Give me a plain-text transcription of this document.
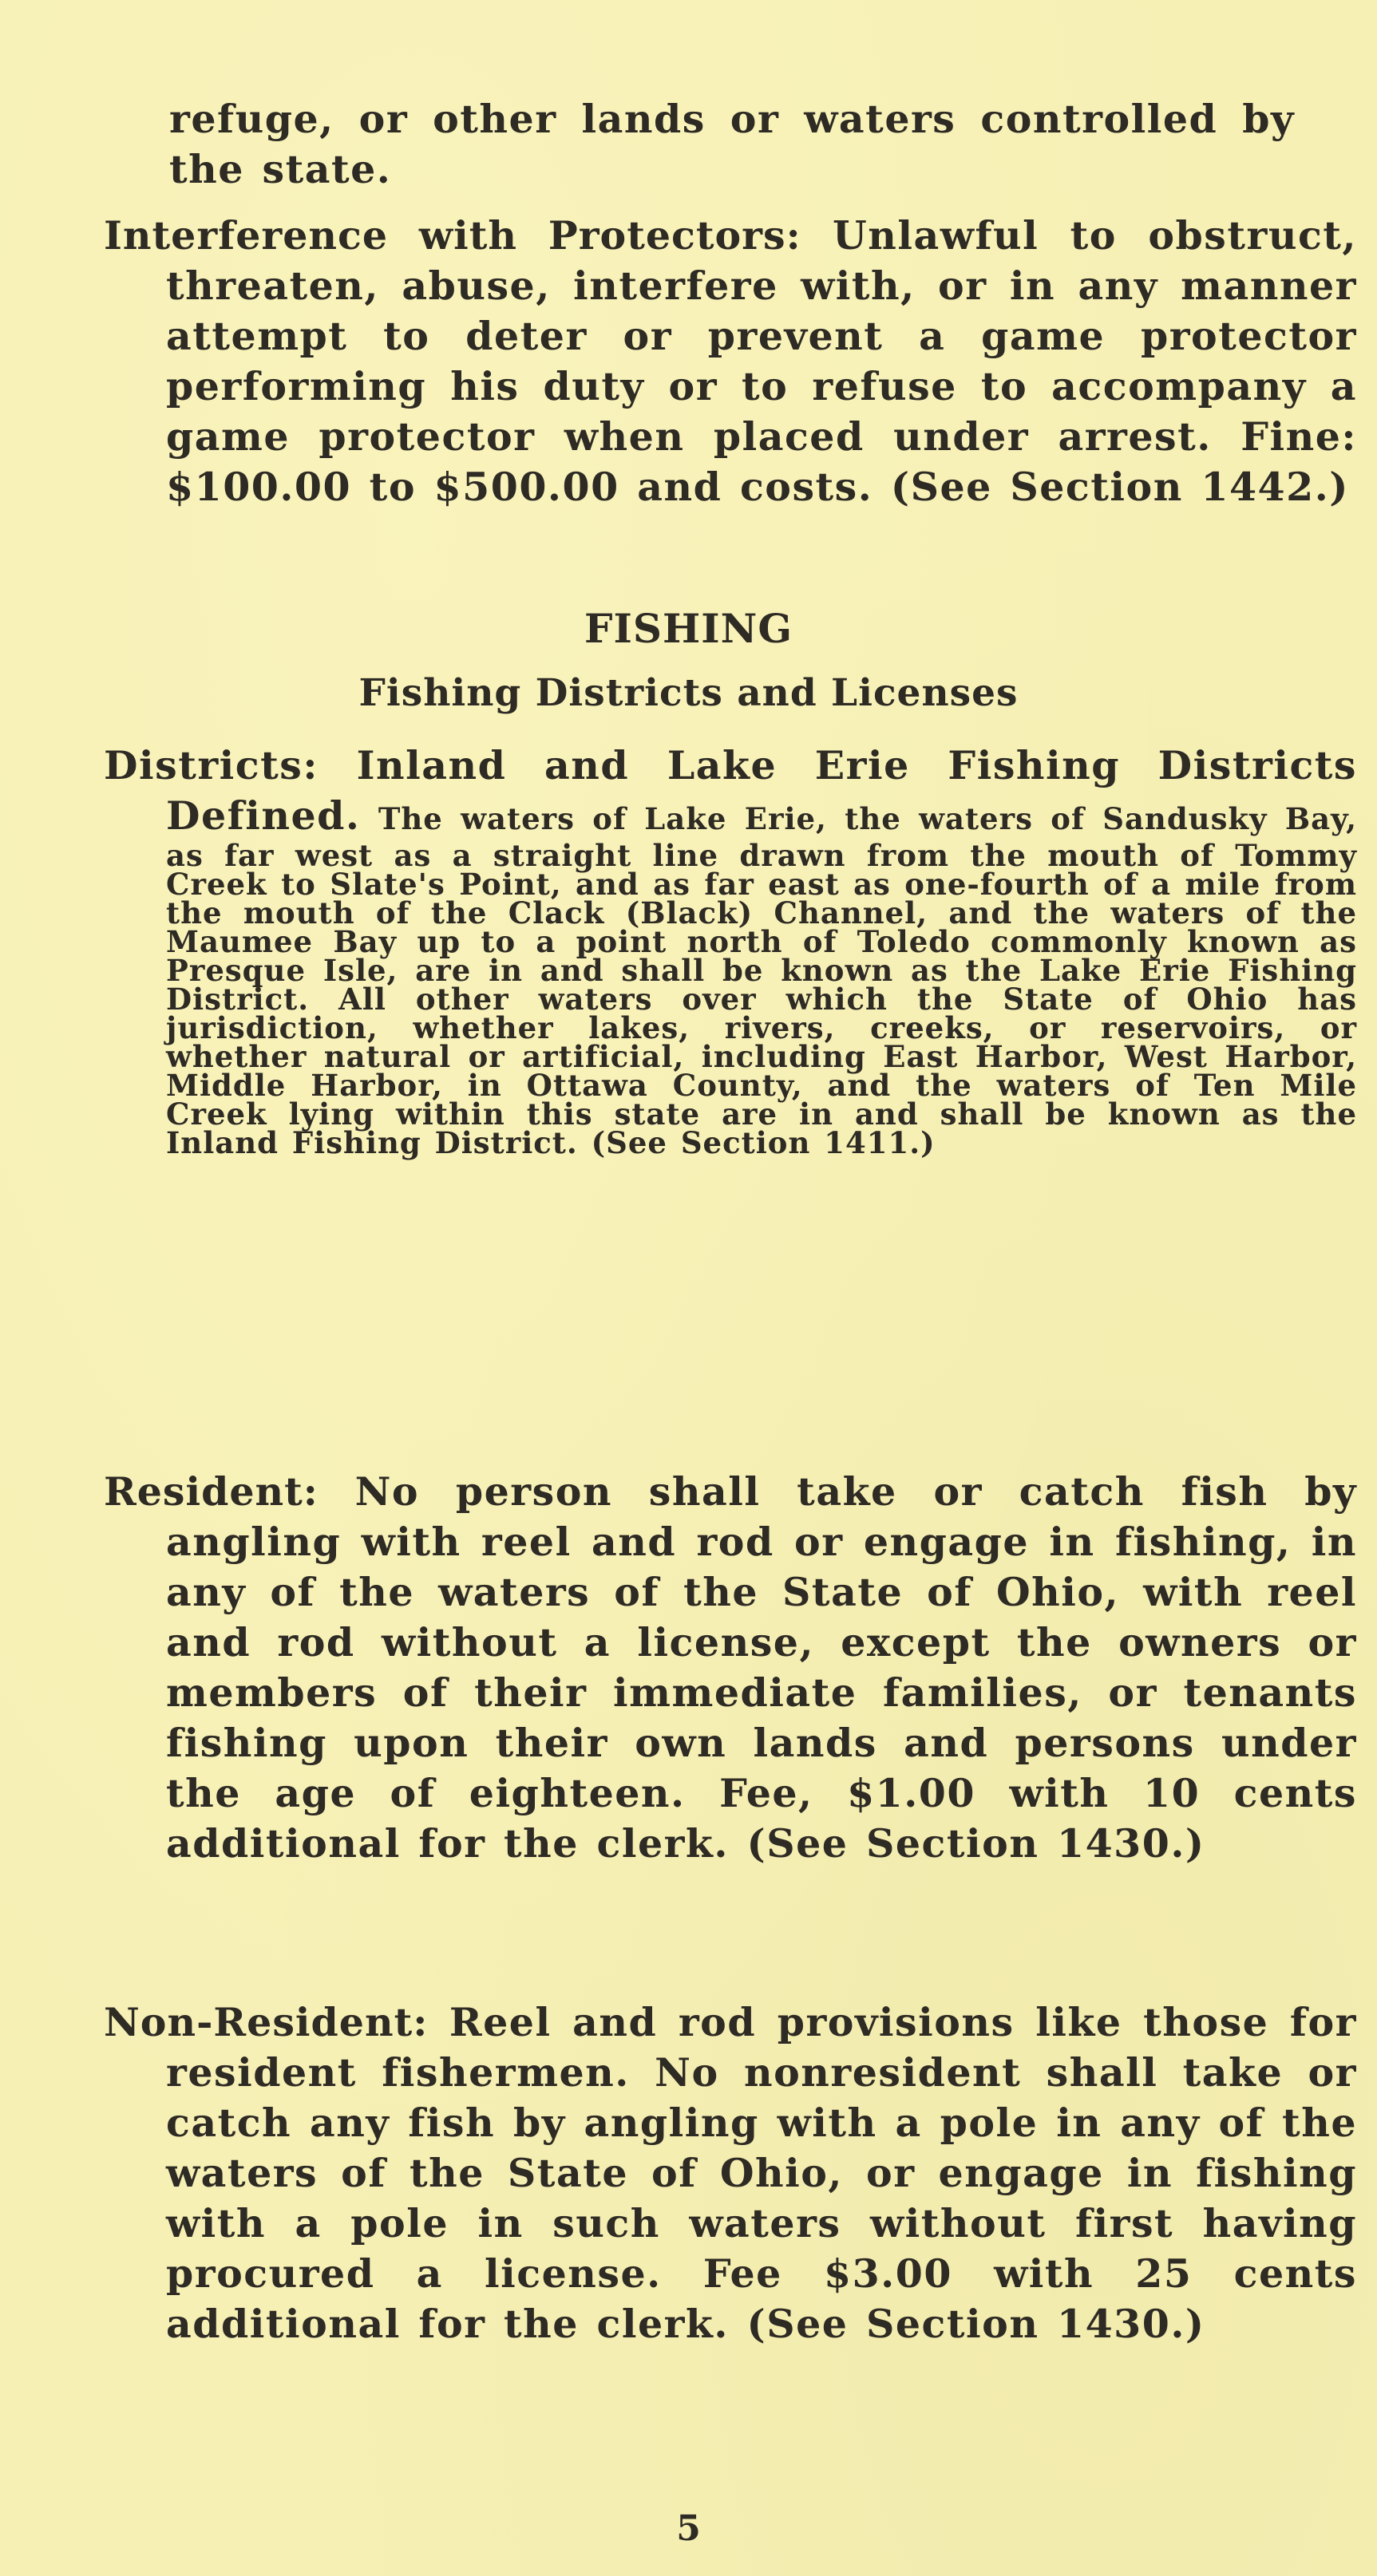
refuge, or other lands or waters controlled by the state.

Interference with Protectors: Unlawful to obstruct, threaten, abuse, interfere with, or in any manner attempt to deter or prevent a game protector performing his duty or to refuse to accompany a game protector when placed under arrest. Fine: $100.00 to $500.00 and costs. (See Section 1442.)

FISHING
Fishing Districts and Licenses

Districts: Inland and Lake Erie Fishing Districts Defined. The waters of Lake Erie, the waters of Sandusky Bay, as far west as a straight line drawn from the mouth of Tommy Creek to Slate's Point, and as far east as one-fourth of a mile from the mouth of the Clack (Black) Channel, and the waters of the Maumee Bay up to a point north of Toledo commonly known as Presque Isle, are in and shall be known as the Lake Erie Fishing District. All other waters over which the State of Ohio has jurisdiction, whether lakes, rivers, creeks, or reservoirs, or whether natural or artificial, including East Harbor, West Harbor, Middle Harbor, in Ottawa County, and the waters of Ten Mile Creek lying within this state are in and shall be known as the Inland Fishing District. (See Section 1411.)

Resident: No person shall take or catch fish by angling with reel and rod or engage in fishing, in any of the waters of the State of Ohio, with reel and rod without a license, except the owners or members of their immediate families, or tenants fishing upon their own lands and persons under the age of eighteen. Fee, $1.00 with 10 cents additional for the clerk. (See Section 1430.)

Non-Resident: Reel and rod provisions like those for resident fishermen. No nonresident shall take or catch any fish by angling with a pole in any of the waters of the State of Ohio, or engage in fishing with a pole in such waters without first having procured a license. Fee $3.00 with 25 cents additional for the clerk. (See Section 1430.)

5
